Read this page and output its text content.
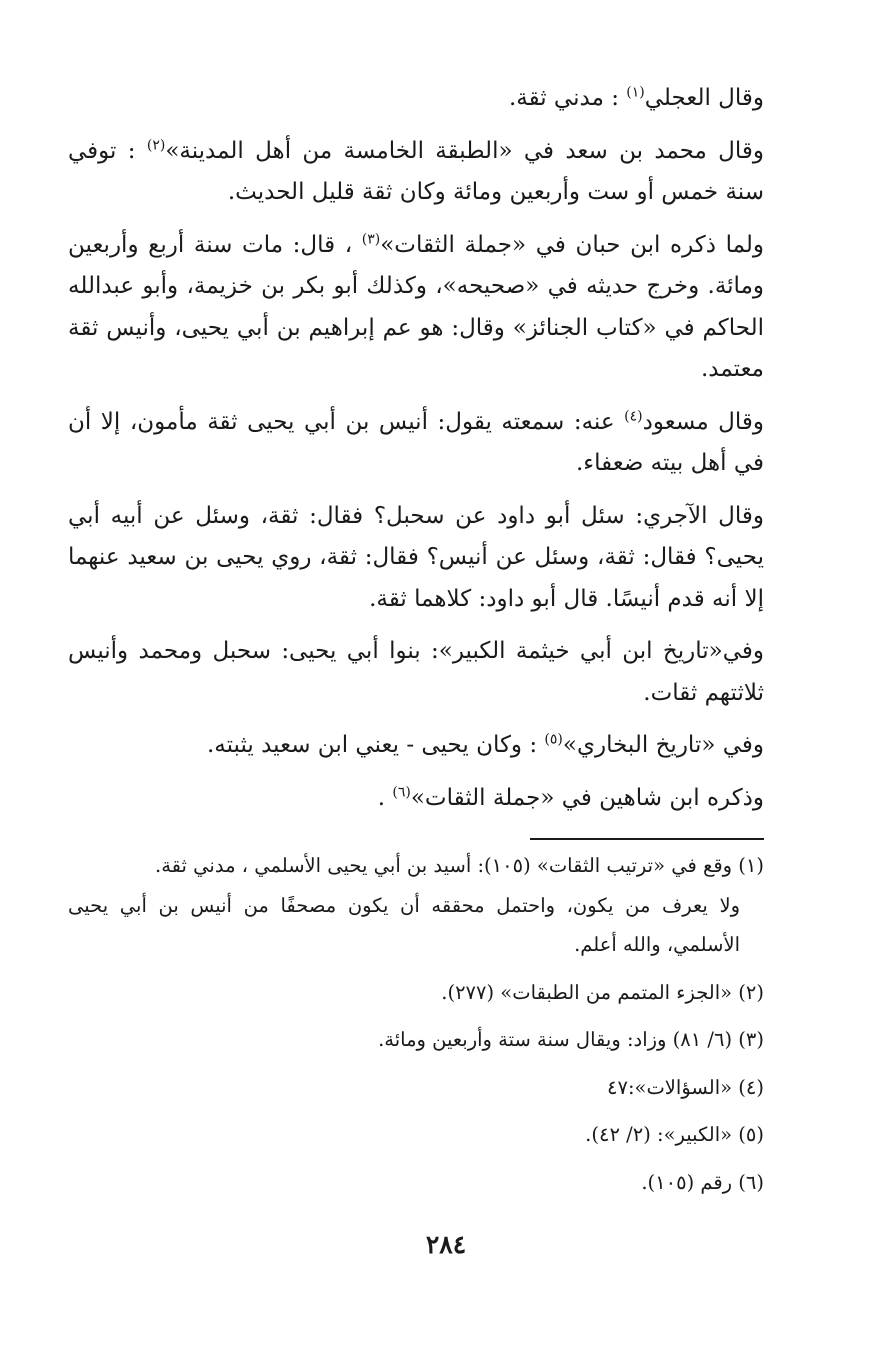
وقال العجلي$^{(١)}$ : مدني ثقة.

وقال محمد بن سعد في «الطبقة الخامسة من أهل المدينة»$^{(٢)}$ : توفي سنة خمس أو ست وأربعين ومائة وكان ثقة قليل الحديث.

ولما ذكره ابن حبان في «جملة الثقات»$^{(٣)}$ ، قال: مات سنة أربع وأربعين ومائة. وخرج حديثه في «صحيحه»، وكذلك أبو بكر بن خزيمة، وأبو عبدالله الحاكم في «كتاب الجنائز» وقال: هو عم إبراهيم بن أبي يحيى، وأنيس ثقة معتمد.

وقال مسعود$^{(٤)}$ عنه: سمعته يقول: أنيس بن أبي يحيى ثقة مأمون، إلا أن في أهل بيته ضعفاء.

وقال الآجري: سئل أبو داود عن سحبل؟ فقال: ثقة، وسئل عن أبيه أبي يحيى؟ فقال: ثقة، وسئل عن أنيس؟ فقال: ثقة، روي يحيى بن سعيد عنهما إلا أنه قدم أنيسًا. قال أبو داود: كلاهما ثقة.

وفي«تاريخ ابن أبي خيثمة الكبير»: بنوا أبي يحيى: سحبل ومحمد وأنيس ثلاثتهم ثقات.

وفي «تاريخ البخاري»$^{(٥)}$ : وكان يحيى - يعني ابن سعيد يثبته.

وذكره ابن شاهين في «جملة الثقات»$^{(٦)}$ .

(١) وقع في «ترتيب الثقات» (١٠٥): أسيد بن أبي يحيى الأسلمي ، مدني ثقة.
ولا يعرف من يكون، واحتمل محققه أن يكون مصحفًا من أنيس بن أبي يحيى الأسلمي، والله أعلم.

(٢) «الجزء المتمم من الطبقات» (٢٧٧).

(٣) (٦/ ٨١) وزاد: ويقال سنة ستة وأربعين ومائة.

(٤) «السؤالات»:٤٧

(٥) «الكبير»: (٢/ ٤٢).

(٦) رقم (١٠٥).

٢٨٤
